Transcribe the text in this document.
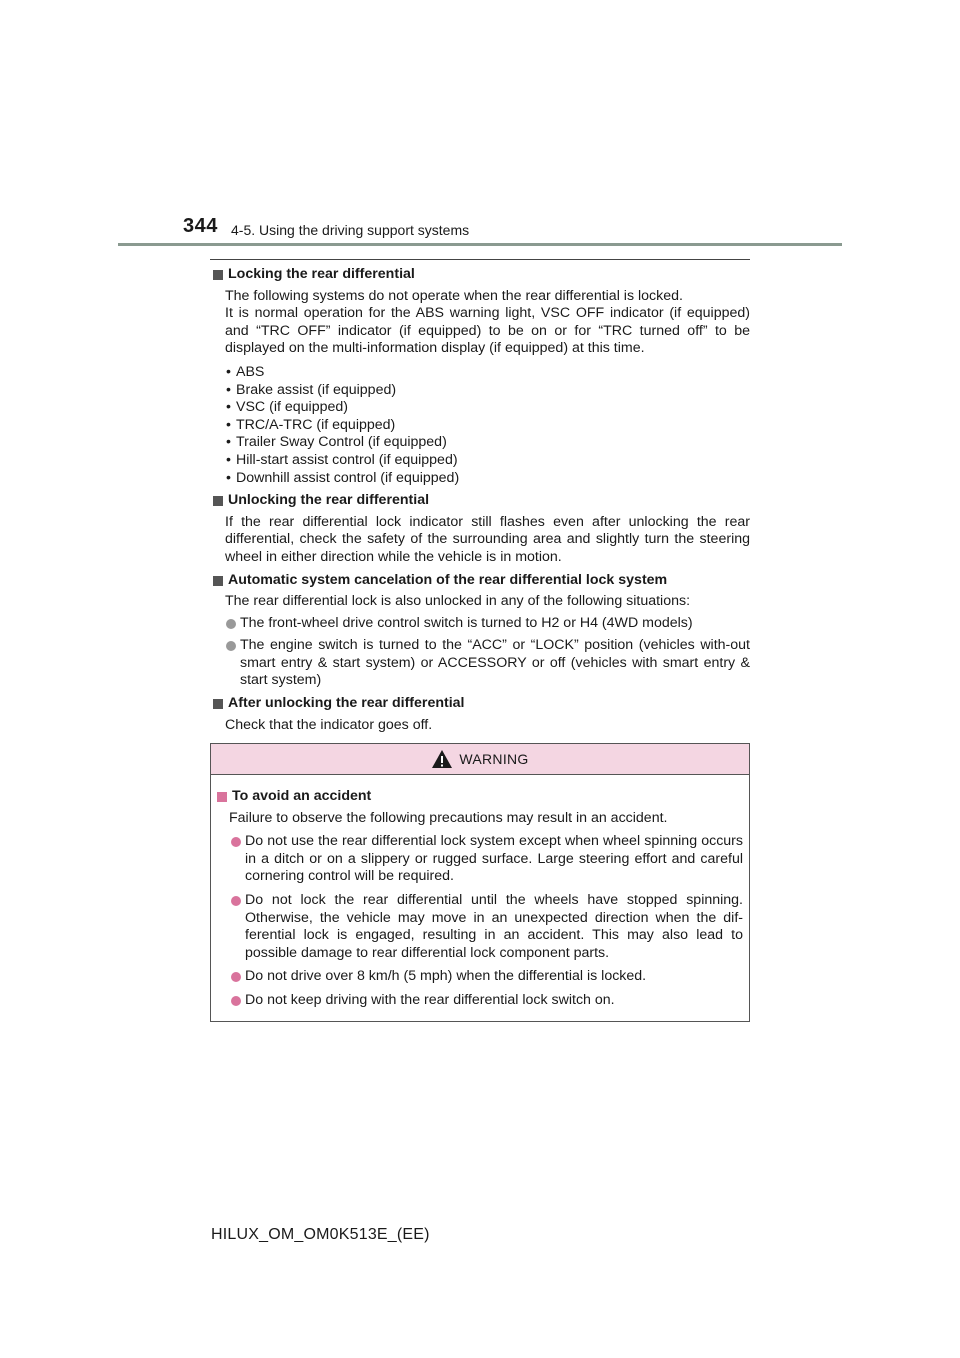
344 4-5. Using the driving support systems
Locking the rear differential
The following systems do not operate when the rear differential is locked.
It is normal operation for the ABS warning light, VSC OFF indicator (if equipped) and “TRC OFF” indicator (if equipped) to be on or for “TRC turned off” to be displayed on the multi-information display (if equipped) at this time.
• ABS
• Brake assist (if equipped)
• VSC (if equipped)
• TRC/A-TRC (if equipped)
• Trailer Sway Control (if equipped)
• Hill-start assist control (if equipped)
• Downhill assist control (if equipped)
Unlocking the rear differential
If the rear differential lock indicator still flashes even after unlocking the rear differential, check the safety of the surrounding area and slightly turn the steering wheel in either direction while the vehicle is in motion.
Automatic system cancelation of the rear differential lock system
The rear differential lock is also unlocked in any of the following situations:
The front-wheel drive control switch is turned to H2 or H4 (4WD models)
The engine switch is turned to the “ACC” or “LOCK” position (vehicles with-out smart entry & start system) or ACCESSORY or off (vehicles with smart entry & start system)
After unlocking the rear differential
Check that the indicator goes off.
WARNING
To avoid an accident
Failure to observe the following precautions may result in an accident.
Do not use the rear differential lock system except when wheel spinning occurs in a ditch or on a slippery or rugged surface. Large steering effort and careful cornering control will be required.
Do not lock the rear differential until the wheels have stopped spinning. Otherwise, the vehicle may move in an unexpected direction when the dif-ferential lock is engaged, resulting in an accident. This may also lead to possible damage to rear differential lock component parts.
Do not drive over 8 km/h (5 mph) when the differential is locked.
Do not keep driving with the rear differential lock switch on.
HILUX_OM_OM0K513E_(EE)
